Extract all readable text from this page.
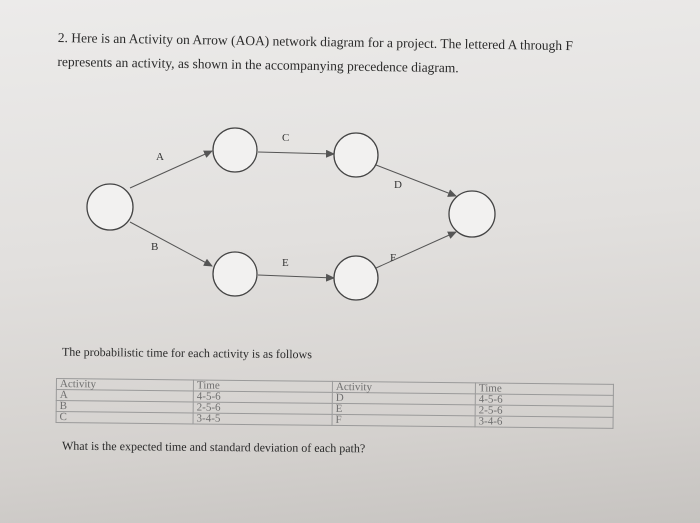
2. Here is an Activity on Arrow (AOA) network diagram for a project. The lettered A through F
represents an activity, as shown in the accompanying precedence diagram.
A
B
C
D
E	F
The probabilistic time for each activity is as follows
Activity	Time	Activity	Time
A	4-5-6	D	4-5-6
B	2-5-6	E	2-5-6
C	3-4-5	F	3-4-6
What is the expected time and standard deviation of each path?
